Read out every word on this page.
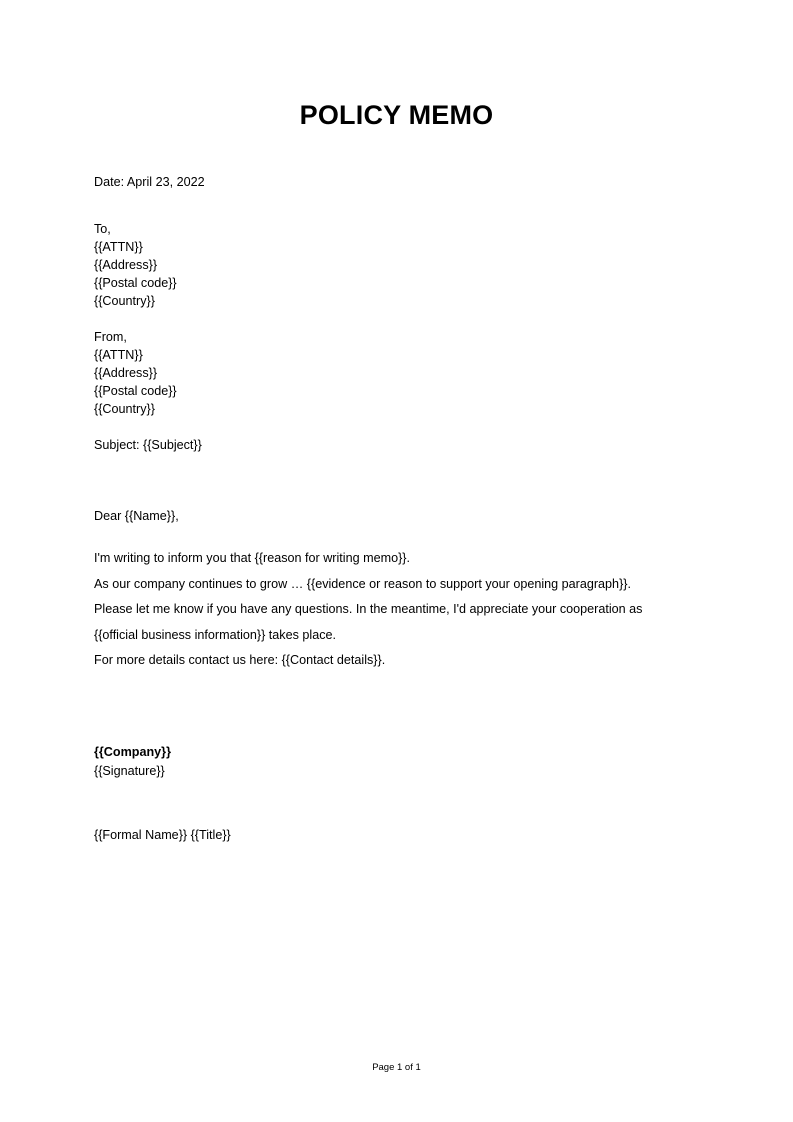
POLICY MEMO
Date: April 23, 2022
To,
{{ATTN}}
{{Address}}
{{Postal code}}
{{Country}}
From,
{{ATTN}}
{{Address}}
{{Postal code}}
{{Country}}
Subject: {{Subject}}
Dear {{Name}},
I'm writing to inform you that {{reason for writing memo}}.
As our company continues to grow … {{evidence or reason to support your opening paragraph}}.
Please let me know if you have any questions. In the meantime, I'd appreciate your cooperation as
{{official business information}} takes place.
For more details contact us here: {{Contact details}}.
{{Company}}
{{Signature}}
{{Formal Name}} {{Title}}
Page 1 of 1
